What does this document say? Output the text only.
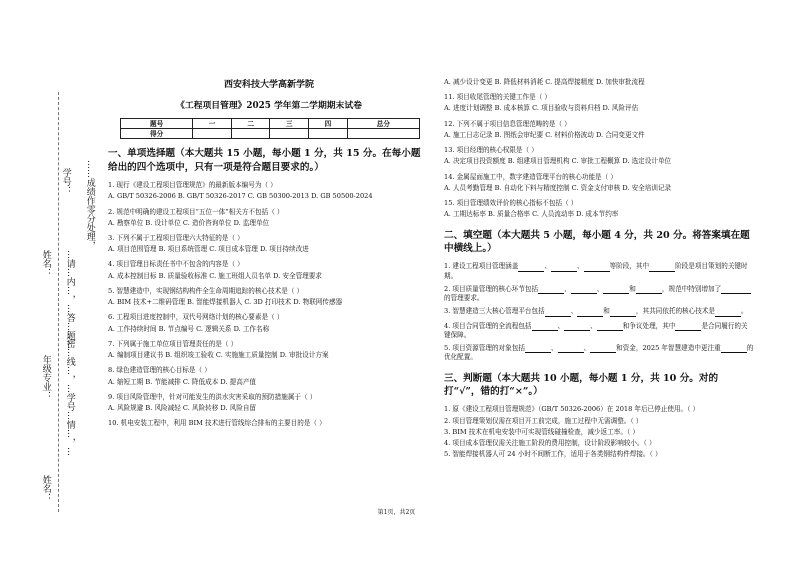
学号： ……成绩作零分处理，
姓名： …请…内…，…答…题…
年级专业： …密…线…，…学号…情…，…
姓名：
西安科技大学高新学院
《工程项目管理》2025 学年第二学期期末试卷
题号	一	二	三	四	总分
得分					
一、单项选择题（本大题共 15 小题，每小题 1 分，共 15 分。在每小题给出的四个选项中，只有一项是符合题目要求的。）
1. 现行《建设工程项目管理规范》的最新版本编号为（ ）
A. GB/T 50326-2006 B. GB/T 50326-2017 C. GB 50300-2013 D. GB 50500-2024
2. 规范中明确的建设工程项目“五位一体”相关方不包括（ ）
A. 勘察单位 B. 设计单位 C. 造价咨询单位 D. 监理单位
3. 下列不属于工程项目管理六大特征的是（ ）
A. 项目范围管理 B. 项目系统管理 C. 项目成本管理 D. 项目持续改进
4. 项目管理目标责任书中不包含的内容是（ ）
A. 成本控制目标 B. 质量验收标准 C. 施工班组人员名单 D. 安全管理要求
5. 智慧建造中，实现钢结构构件全生命周期追踪的核心技术是（ ）
A. BIM 技术+二维码管理 B. 智能焊接机器人 C. 3D 打印技术 D. 物联网传感器
6. 工程项目进度控制中，双代号网络计划的核心要素是（ ）
A. 工作持续时间 B. 节点编号 C. 逻辑关系 D. 工作名称
7. 下列属于施工单位项目管理责任的是（ ）
A. 编制项目建议书 B. 组织竣工验收 C. 实施施工质量控制 D. 审批设计方案
8. 绿色建造管理的核心目标是（ ）
A. 缩短工期 B. 节能减排 C. 降低成本 D. 提高产值
9. 项目风险管理中，针对可能发生的洪水灾害采取的预防措施属于（ ）
A. 风险规避 B. 风险减轻 C. 风险转移 D. 风险自留
10. 机电安装工程中，利用 BIM 技术进行管线综合排布的主要目的是（ ）
A. 减少设计变更 B. 降低材料消耗 C. 提高焊接精度 D. 加快审批流程
11. 项目收尾管理的关键工作是（ ）
A. 进度计划调整 B. 成本核算 C. 项目验收与资料归档 D. 风险评估
12. 下列不属于项目信息管理范畴的是（ ）
A. 施工日志记录 B. 图纸会审纪要 C. 材料价格波动 D. 合同变更文件
13. 项目经理的核心权限是（ ）
A. 决定项目投资额度 B. 组建项目管理机构 C. 审批工程概算 D. 选定设计单位
14. 金属屋面施工中，数字建造管理平台的核心功能是（ ）
A. 人员考勤管理 B. 自动化下料与精度控制 C. 资金支付审核 D. 安全培训记录
15. 项目管理绩效评价的核心指标不包括（ ）
A. 工期达标率 B. 质量合格率 C. 人员流动率 D. 成本节约率
二、填空题（本大题共 5 小题，每小题 4 分，共 20 分。将答案填在题中横线上。）
1. 建设工程项目管理涵盖	、	、	等阶段，其中	阶段是项目策划的关键时期。
2. 项目质量管理的核心环节包括	、	、	和	，规范中特别增加了 的管理要求。
3. 智慧建造三大核心管理平台包括	、	和	，其共同依托的核心技术是	。
4. 项目合同管理的全流程包括	、	、	和争议处理，其中	是合同履行的关键保障。
5. 项目资源管理的对象包括	、	、	和资金，2025 年智慧建造中更注重	的优化配置。
三、判断题（本大题共 10 小题，每小题 1 分，共 10 分。对的打“√”，错的打“×”。）
1. 原《建设工程项目管理规范》（GB/T 50326-2006）在 2018 年后已停止使用。（ ）
2. 项目管理策划仅需在项目开工前完成，施工过程中无需调整。（ ）
3. BIM 技术在机电安装中可实现管线碰撞检查，减少返工率。（ ）
4. 项目成本管理仅需关注施工阶段的费用控制，设计阶段影响较小。（ ）
5. 智能焊接机器人可 24 小时不间断工作，适用于各类钢结构件焊接。（ ）
第1页，共2页
